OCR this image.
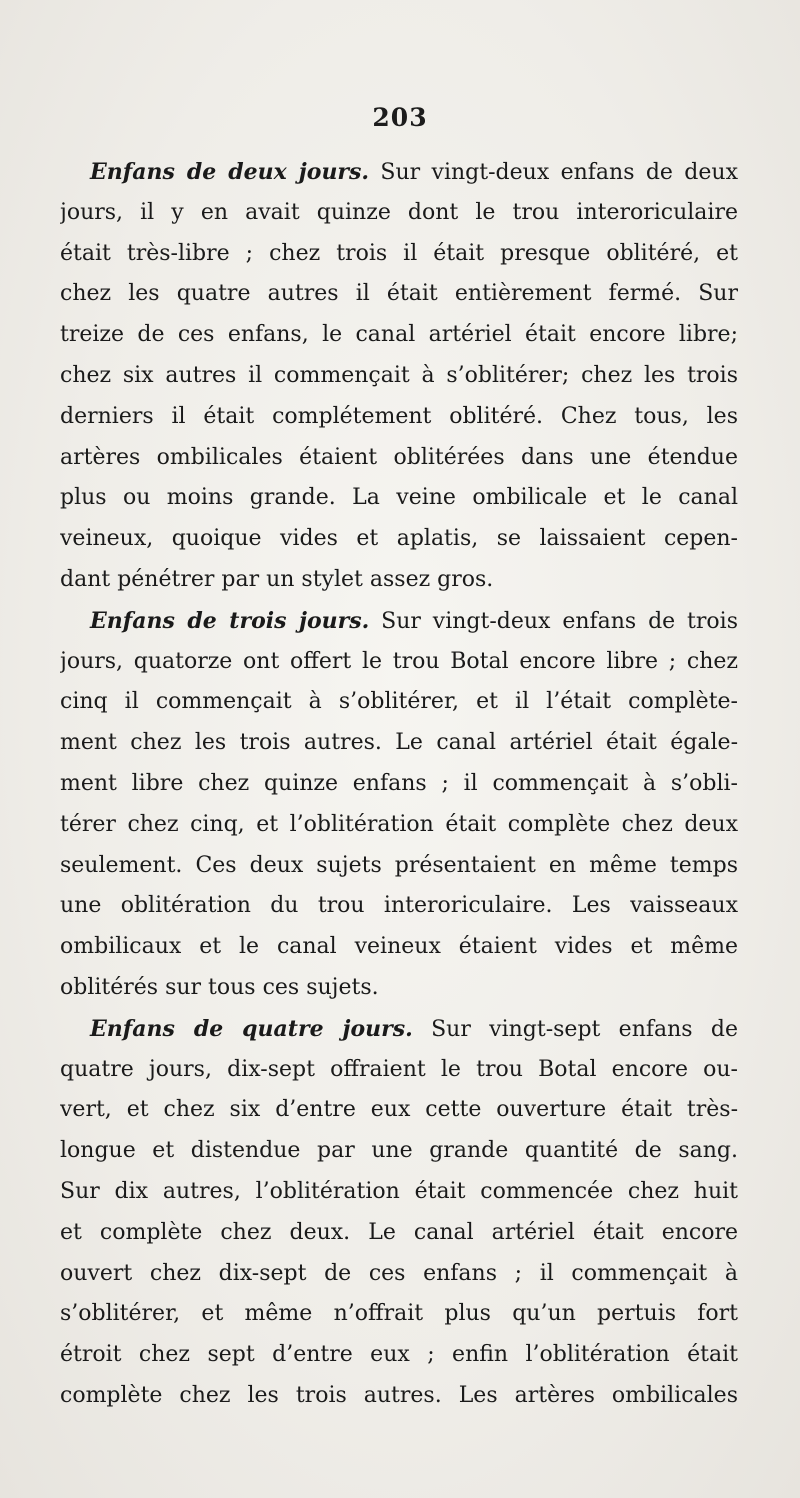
203
Enfans de deux jours. Sur vingt-deux enfans de deux
jours, il y en avait quinze dont le trou interoriculaire
était très-libre ; chez trois il était presque oblitéré, et
chez les quatre autres il était entièrement fermé. Sur
treize de ces enfans, le canal artériel était encore libre;
chez six autres il commençait à s’oblitérer; chez les trois
derniers il était complétement oblitéré. Chez tous, les
artères ombilicales étaient oblitérées dans une étendue
plus ou moins grande. La veine ombilicale et le canal
veineux, quoique vides et aplatis, se laissaient cepen-
dant pénétrer par un stylet assez gros.
Enfans de trois jours. Sur vingt-deux enfans de trois
jours, quatorze ont offert le trou Botal encore libre ; chez
cinq il commençait à s’oblitérer, et il l’était complète-
ment chez les trois autres. Le canal artériel était égale-
ment libre chez quinze enfans ; il commençait à s’obli-
térer chez cinq, et l’oblitération était complète chez deux
seulement. Ces deux sujets présentaient en même temps
une oblitération du trou interoriculaire. Les vaisseaux
ombilicaux et le canal veineux étaient vides et même
oblitérés sur tous ces sujets.
Enfans de quatre jours. Sur vingt-sept enfans de
quatre jours, dix-sept offraient le trou Botal encore ou-
vert, et chez six d’entre eux cette ouverture était très-
longue et distendue par une grande quantité de sang.
Sur dix autres, l’oblitération était commencée chez huit
et complète chez deux. Le canal artériel était encore
ouvert chez dix-sept de ces enfans ; il commençait à
s’oblitérer, et même n’offrait plus qu’un pertuis fort
étroit chez sept d’entre eux ; enfin l’oblitération était
complète chez les trois autres. Les artères ombilicales
